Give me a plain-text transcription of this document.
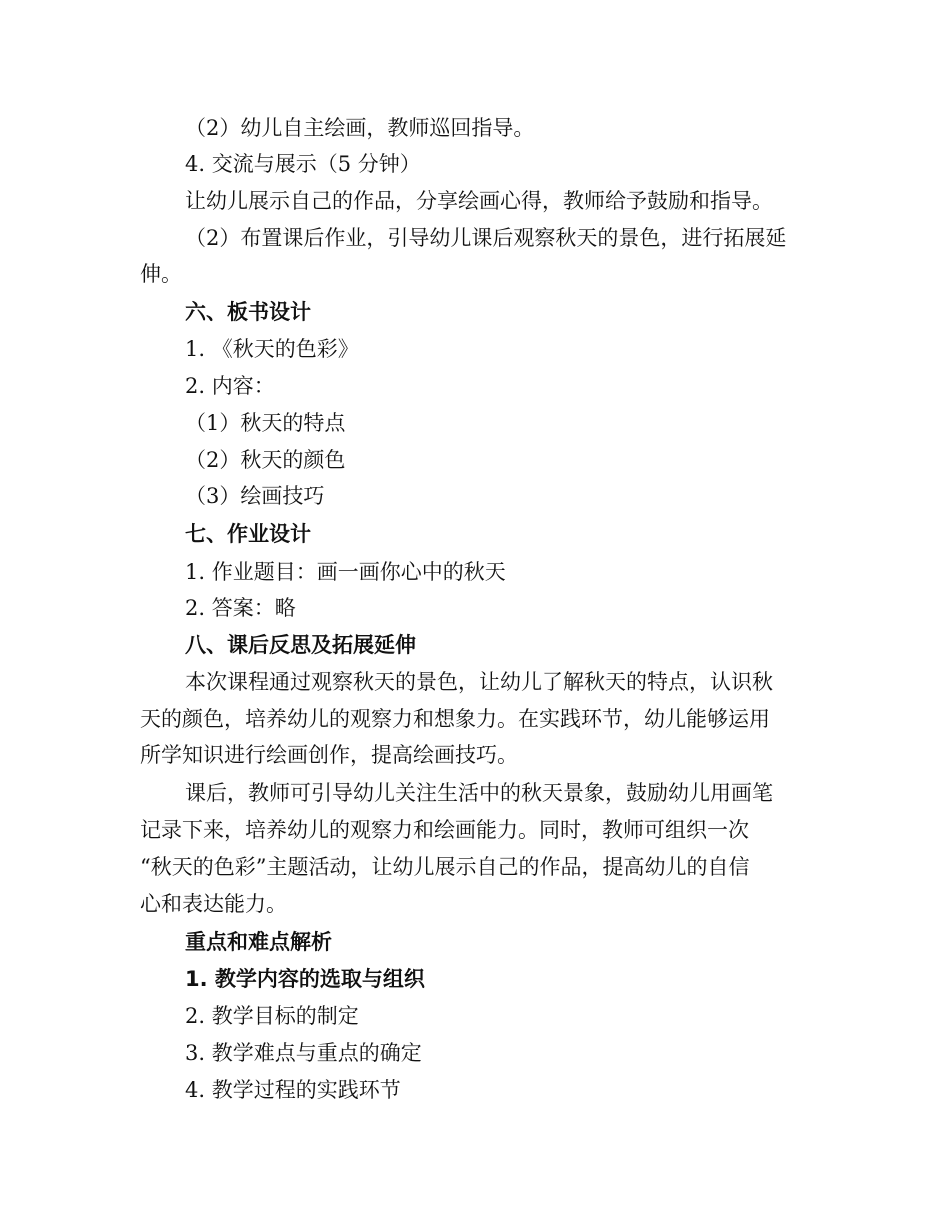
（2）幼儿自主绘画，教师巡回指导。
4. 交流与展示（5 分钟）
让幼儿展示自己的作品，分享绘画心得，教师给予鼓励和指导。
（2）布置课后作业，引导幼儿课后观察秋天的景色，进行拓展延
伸。
六、板书设计
1. 《秋天的色彩》
2. 内容：
（1）秋天的特点
（2）秋天的颜色
（3）绘画技巧
七、作业设计
1. 作业题目：画一画你心中的秋天
2. 答案：略
八、课后反思及拓展延伸
本次课程通过观察秋天的景色，让幼儿了解秋天的特点，认识秋
天的颜色，培养幼儿的观察力和想象力。在实践环节，幼儿能够运用
所学知识进行绘画创作，提高绘画技巧。
课后，教师可引导幼儿关注生活中的秋天景象，鼓励幼儿用画笔
记录下来，培养幼儿的观察力和绘画能力。同时，教师可组织一次
“秋天的色彩”主题活动，让幼儿展示自己的作品，提高幼儿的自信
心和表达能力。
重点和难点解析
1. 教学内容的选取与组织
2. 教学目标的制定
3. 教学难点与重点的确定
4. 教学过程的实践环节
